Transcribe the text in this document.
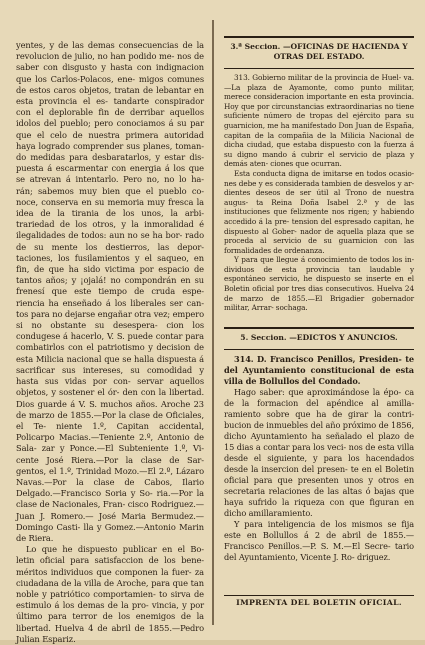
yentes, y de las demas consecuencias de la revolucion de julio, no han podido me- nos de saber con disgusto y hasta con indignacion que los Carlos-Polacos, ene- migos comunes de estos caros objetos, tratan de lebantar en esta provincia el es- tandarte conspirador con el deplorable fin de derribar aquellos idolos del pueblo; pero conociamos á su par que el celo de nuestra primera autoridad haya logrado comprender sus planes, toman- do medidas para desbaratarlos, y estar dis- puesta á escarmentar con energia á los que se atrevan á intentarlo. Pero no, no lo ha- rán; sabemos muy bien que el pueblo co- noce, conserva en su memoria muy fresca la idea de la tirania de los unos, la arbi- trariedad de los otros, y la inmoralidad é ilegalidades de todos: aun no se ha bor- rado de su mente los destierros, las depor- taciones, los fusilamientos y el saqueo, en fin, de que ha sido victima por espacio de tantos años; y ¡ojalá! no compondrán en su frenesí que este tiempo de cruda espe- riencia ha enseñado á los liberales ser can- tos para no dejarse engañar otra vez; empero si no obstante su desespera- cion los condugese á hacerlo, V. S. puede contar para combatirlos con el patriotismo y decision de esta Milicia nacional que se halla dispuesta á sacrificar sus intereses, su comodidad y hasta sus vidas por con- servar aquellos objetos, y sostener el ór- den con la libertad. Dios guarde á V. S. muchos años. Aroche 23 de marzo de 1855.—Por la clase de Oficiales, el Te- niente 1.º, Capitan accidental, Policarpo Macias.—Teniente 2.º, Antonio de Sala- zar y Ponce.—El Subteniente 1.º, Vi- cente José Riera.—Por la clase de Sar- gentos, el 1.º, Trinidad Mozo.—El 2.º, Lázaro Navas.—Por la clase de Cabos, Ilario Delgado.—Francisco Soria y So- ria.—Por la clase de Nacionales, Fran- cisco Rodriguez.—Juan J. Romero.— José Maria Bermudez.—Domingo Casti- lla y Gomez.—Antonio Marin de Riera.

Lo que he dispuesto publicar en el Bo- letin oficial para satisfaccion de los bene- méritos individuos que componen la fuer- za ciudadana de la villa de Aroche, para que tan noble y patriótico comportamien- to sirva de estimulo á los demas de la pro- vincia, y por último para terror de los enemigos de la libertad. Huelva 4 de abril de 1855.—Pedro Julian Espariz.

3.ª Seccion. —OFICINAS DE HACIENDA Y OTRAS DEL ESTADO.

313. Gobierno militar de la provincia de Huel- va.—La plaza de Ayamonte, como punto militar, merece consideracion importante en esta provincia. Hoy que por circunstancias extraordinarias no tiene suficiente número de tropas del ejército para su guarnicion, me ha manifestado Don Juan de España, capitan de la compañia de la Milicia Nacional de dicha ciudad, que estaba dispuesto con la fuerza á su digno mando á cubrir el servicio de plaza y demás aten- ciones que ocurran.

Esta conducta digna de imitarse en todos ocasio- nes debe y es considerada tambien de desvelos y ar- dientes deseos de ser útil al Trono de nuestra augus- ta Reina Doña Isabel 2.ª y de las instituciones que felizmente nos rigen; y habiendo accedido á la pre- tension del espresado capitan, he dispuesto al Gober- nador de aquella plaza que se proceda al servicio de su guarnicion con las formalidades de ordenanza.

Y para que llegue á conocimiento de todos los in- dividuos de esta provincia tan laudable y espontáneo servicio, he dispuesto se inserte en el Boletin oficial por tres dias consecutivos. Huelva 24 de marzo de 1855.—El Brigadier gobernador militar, Arrar- sochaga.

5. Seccion. —EDICTOS Y ANUNCIOS.

314. D. Francisco Penillos, Presiden- te del Ayuntamiento constitucional de esta villa de Bollullos del Condado.

Hago saber: que aproximándose la épo- ca de la formacion del apéndice al amilla- ramiento sobre que ha de girar la contri- bucion de inmuebles del año próximo de 1856, dicho Ayuntamiento ha señalado el plazo de 15 dias a contar para los veci- nos de esta villa desde el siguiente, y para los hacendados desde la insercion del presen- te en el Boletin oficial para que presenten unos y otros en secretaria relaciones de las altas ó bajas que haya sufrido la riqueza con que figuran en dicho amillaramiento.

Y para inteligencia de los mismos se fija este en Bollullos á 2 de abril de 1855.— Francisco Penillos.—P. S. M.—El Secre- tario del Ayuntamiento, Vicente J. Ro- driguez.

IMPRENTA DEL BOLETIN OFICIAL.
